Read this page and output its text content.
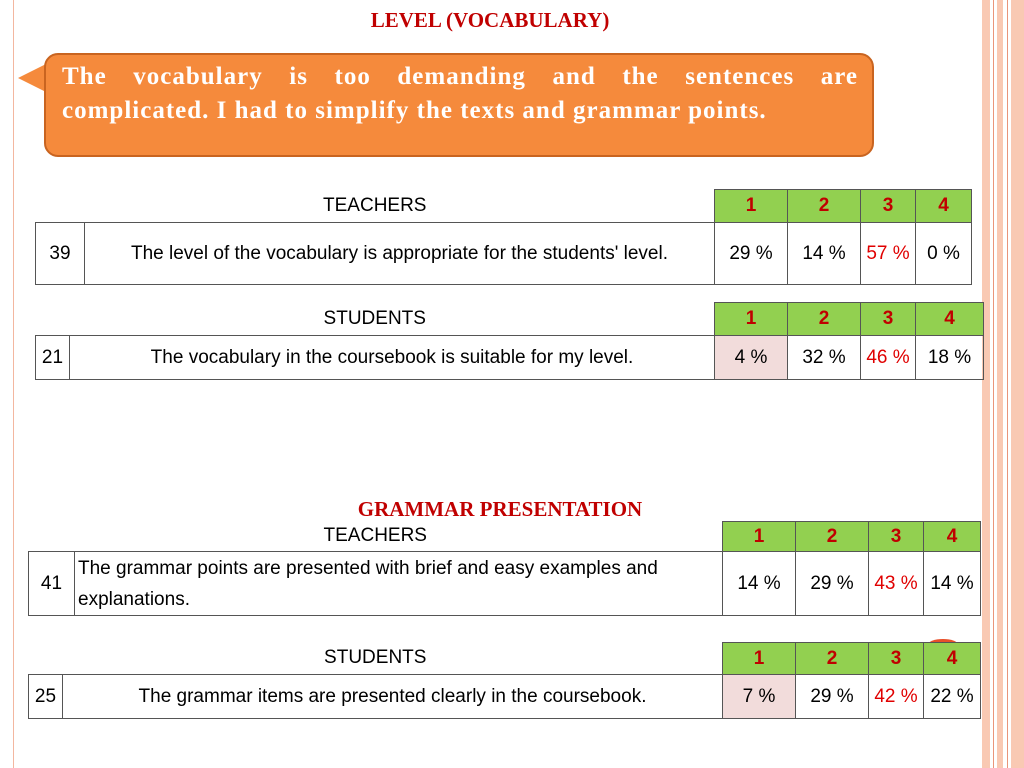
LEVEL (VOCABULARY)
The vocabulary is too demanding and the sentences are complicated. I had to simplify the texts and grammar points.
TEACHERS		1	2	3	4
39	The level of the vocabulary is appropriate for the students' level.	29 %	14 %	57 %	0 %
STUDENTS		1	2	3	4
21	The vocabulary in the coursebook is suitable for my level.	4 %	32 %	46 %	18 %
GRAMMAR PRESENTATION
TEACHERS		1	2	3	4
41	The grammar points are presented with brief and easy examples and explanations.	14 %	29 %	43 %	14 %
STUDENTS		1	2	3	4
25	The grammar items are presented clearly in the coursebook.	7 %	29 %	42 %	22 %
